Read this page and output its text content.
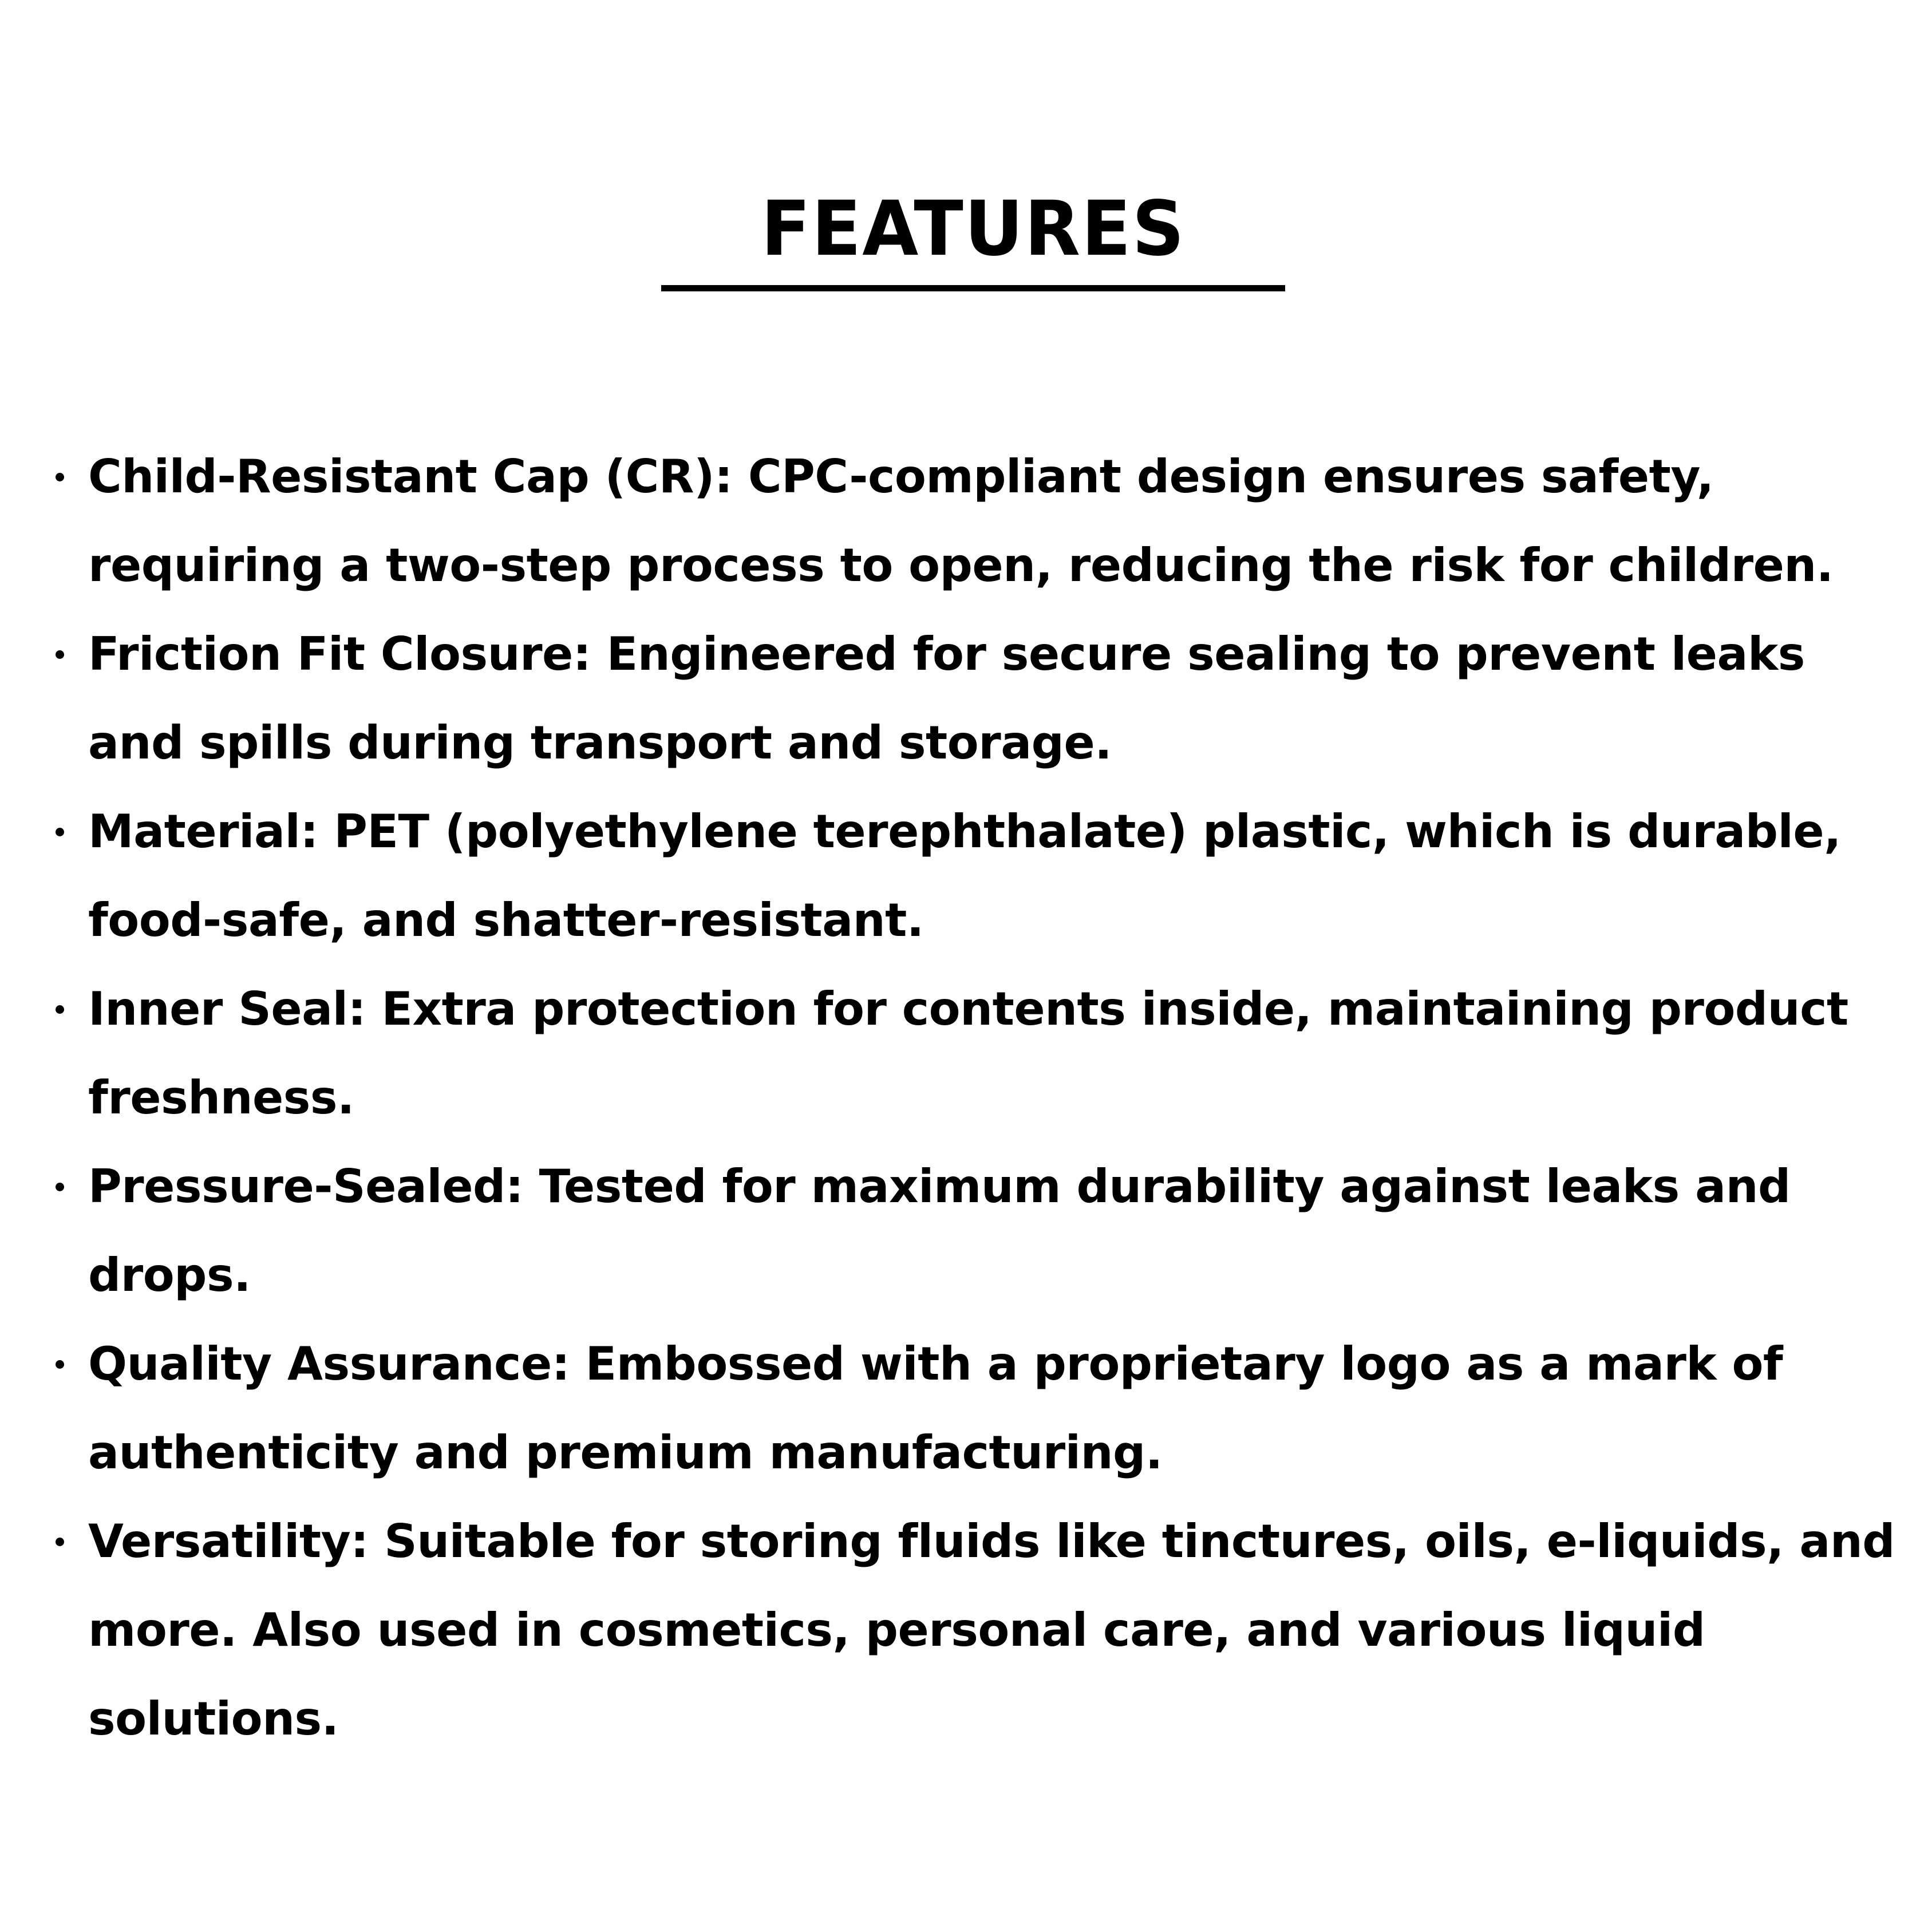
FEATURES
Child-Resistant Cap (CR): CPC-compliant design ensures safety, requiring a two-step process to open, reducing the risk for children.
Friction Fit Closure: Engineered for secure sealing to prevent leaks and spills during transport and storage.
Material: PET (polyethylene terephthalate) plastic, which is durable, food-safe, and shatter-resistant.
Inner Seal: Extra protection for contents inside, maintaining product freshness.
Pressure-Sealed: Tested for maximum durability against leaks and drops.
Quality Assurance: Embossed with a proprietary logo as a mark of authenticity and premium manufacturing.
Versatility: Suitable for storing fluids like tinctures, oils, e-liquids, and more. Also used in cosmetics, personal care, and various liquid solutions.
